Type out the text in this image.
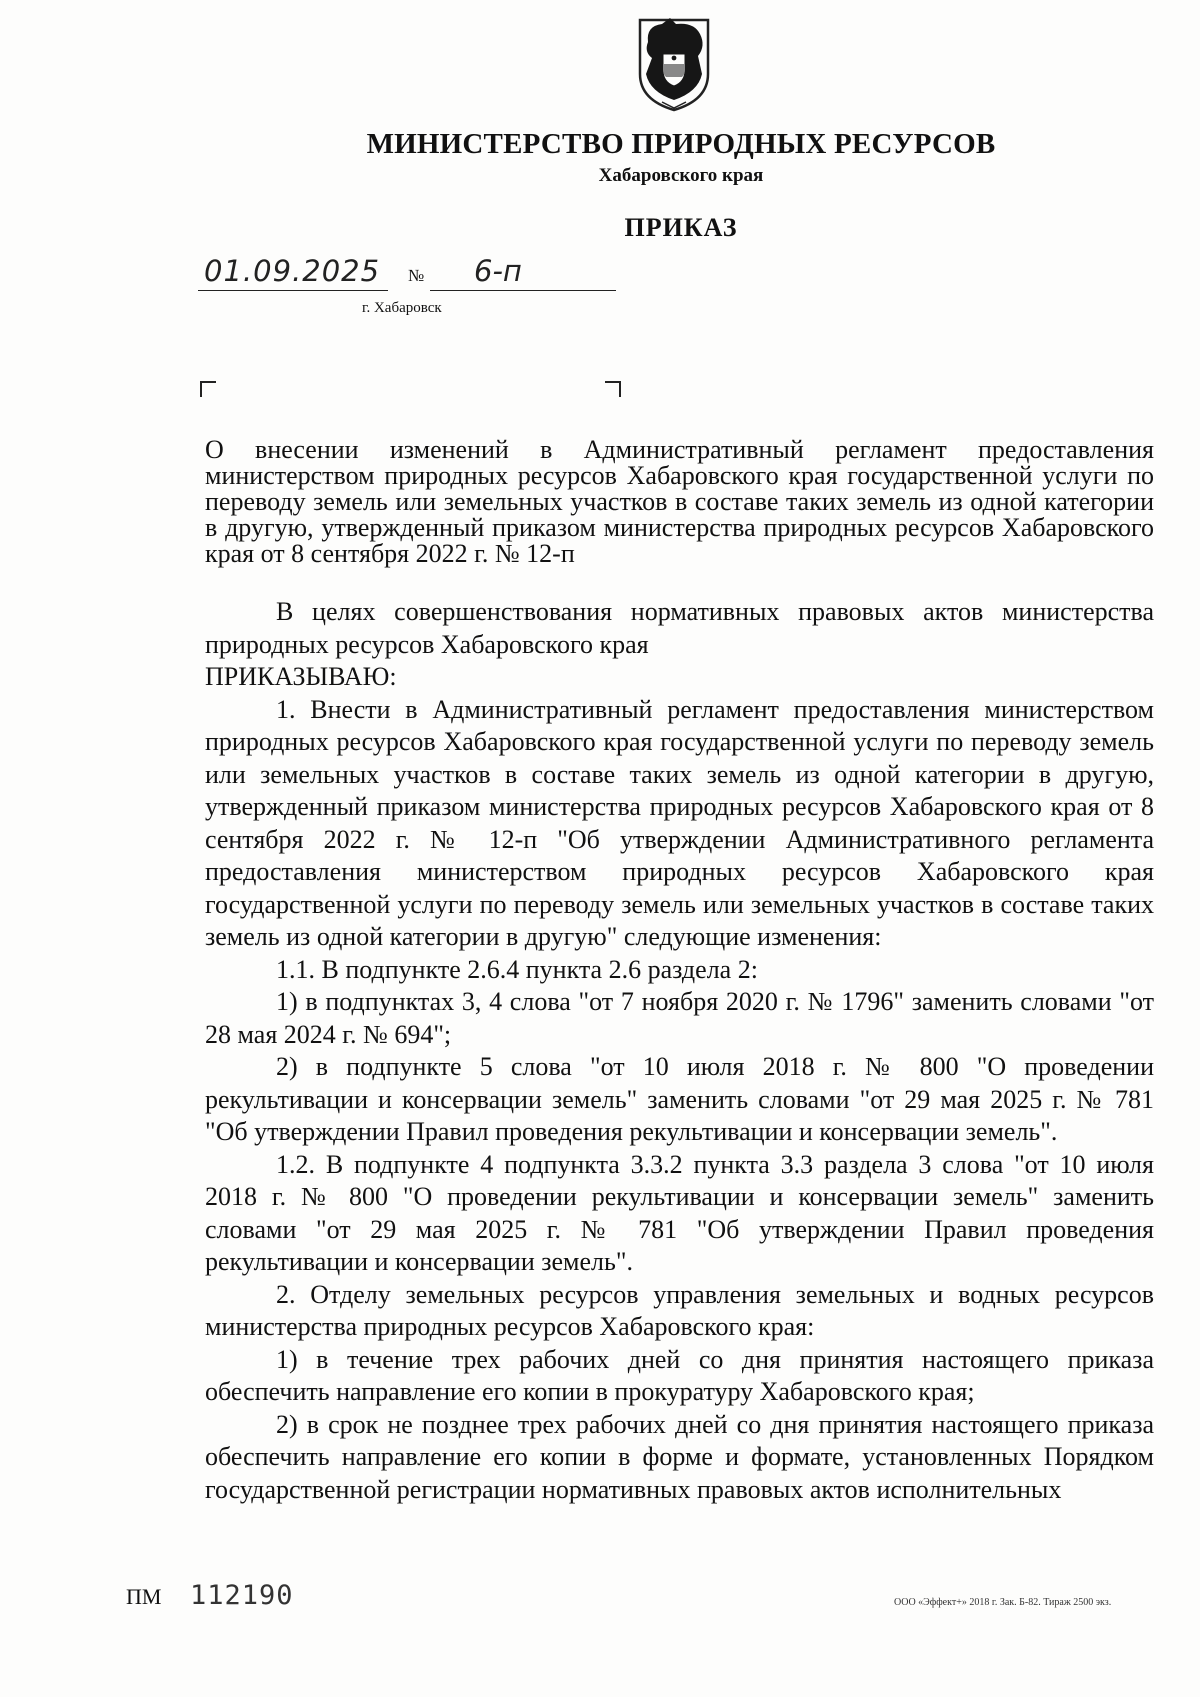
МИНИСТЕРСТВО ПРИРОДНЫХ РЕСУРСОВ
Хабаровского края
ПРИКАЗ
01.09.2025 № 6-п
г. Хабаровск
О внесении изменений в Административный регламент предоставления министерством природных ресурсов Хабаровского края государственной услуги по переводу земель или земельных участков в составе таких земель из одной категории в другую, утвержденный приказом министерства природных ресурсов Хабаровского края от 8 сентября 2022 г. № 12-п

В целях совершенствования нормативных правовых актов министерства природных ресурсов Хабаровского края

ПРИКАЗЫВАЮ:

1. Внести в Административный регламент предоставления министерством природных ресурсов Хабаровского края государственной услуги по переводу земель или земельных участков в составе таких земель из одной категории в другую, утвержденный приказом министерства природных ресурсов Хабаровского края от 8 сентября 2022 г. № 12-п "Об утверждении Административного регламента предоставления министерством природных ресурсов Хабаровского края государственной услуги по переводу земель или земельных участков в составе таких земель из одной категории в другую" следующие изменения:

1.1. В подпункте 2.6.4 пункта 2.6 раздела 2:

1) в подпунктах 3, 4 слова "от 7 ноября 2020 г. № 1796" заменить словами "от 28 мая 2024 г. № 694";

2) в подпункте 5 слова "от 10 июля 2018 г. № 800 "О проведении рекультивации и консервации земель" заменить словами "от 29 мая 2025 г. № 781 "Об утверждении Правил проведения рекультивации и консервации земель".

1.2. В подпункте 4 подпункта 3.3.2 пункта 3.3 раздела 3 слова "от 10 июля 2018 г. № 800 "О проведении рекультивации и консервации земель" заменить словами "от 29 мая 2025 г. № 781 "Об утверждении Правил проведения рекультивации и консервации земель".

2. Отделу земельных ресурсов управления земельных и водных ресурсов министерства природных ресурсов Хабаровского края:

1) в течение трех рабочих дней со дня принятия настоящего приказа обеспечить направление его копии в прокуратуру Хабаровского края;

2) в срок не позднее трех рабочих дней со дня принятия настоящего приказа обеспечить направление его копии в форме и формате, установленных Порядком государственной регистрации нормативных правовых актов исполнительных

ПМ 112190	ООО «Эффект+» 2018 г. Зак. Б-82. Тираж 2500 экз.
